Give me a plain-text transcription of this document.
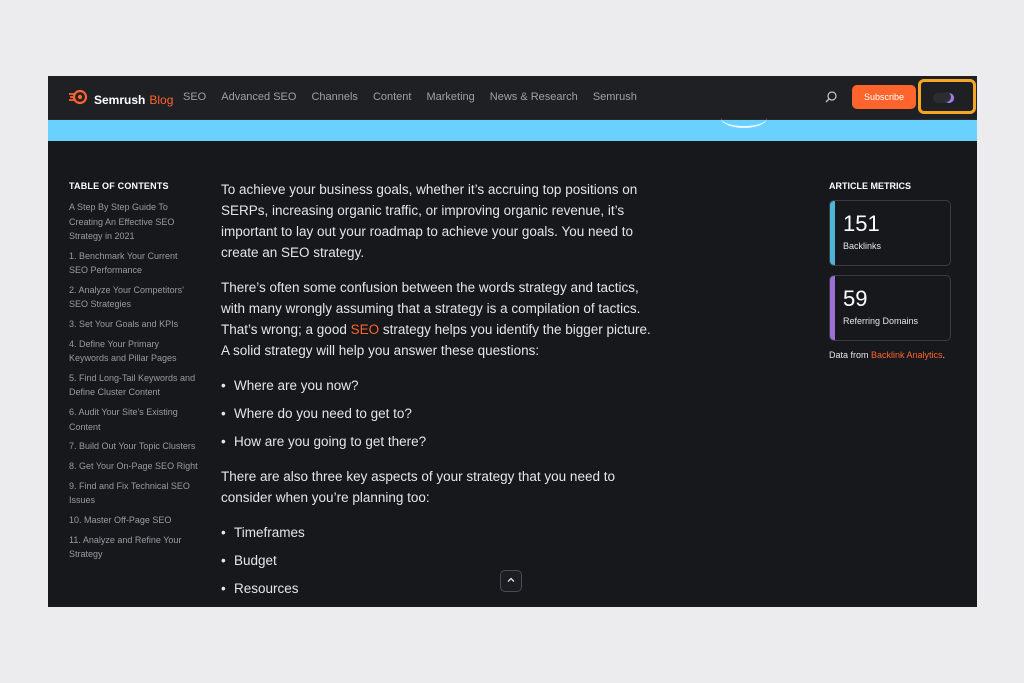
Semrush Blog SEO Advanced SEO Channels Content Marketing News & Research Semrush	Subscribe
TABLE OF CONTENTS
A Step By Step Guide To Creating An Effective SEO Strategy in 2021
1. Benchmark Your Current SEO Performance
2. Analyze Your Competitors' SEO Strategies
3. Set Your Goals and KPIs
4. Define Your Primary Keywords and Pillar Pages
5. Find Long-Tail Keywords and Define Cluster Content
6. Audit Your Site's Existing Content
7. Build Out Your Topic Clusters
8. Get Your On-Page SEO Right
9. Find and Fix Technical SEO Issues
10. Master Off-Page SEO
11. Analyze and Refine Your Strategy

To achieve your business goals, whether it’s accruing top positions on SERPs, increasing organic traffic, or improving organic revenue, it’s important to lay out your roadmap to achieve your goals. You need to create an SEO strategy.

There’s often some confusion between the words strategy and tactics, with many wrongly assuming that a strategy is a compilation of tactics. That’s wrong; a good SEO strategy helps you identify the bigger picture. A solid strategy will help you answer these questions:

• Where are you now?
• Where do you need to get to?
• How are you going to get there?

There are also three key aspects of your strategy that you need to consider when you’re planning too:

• Timeframes
• Budget
• Resources
ARTICLE METRICS
151
Backlinks
59
Referring Domains
Data from Backlink Analytics.
